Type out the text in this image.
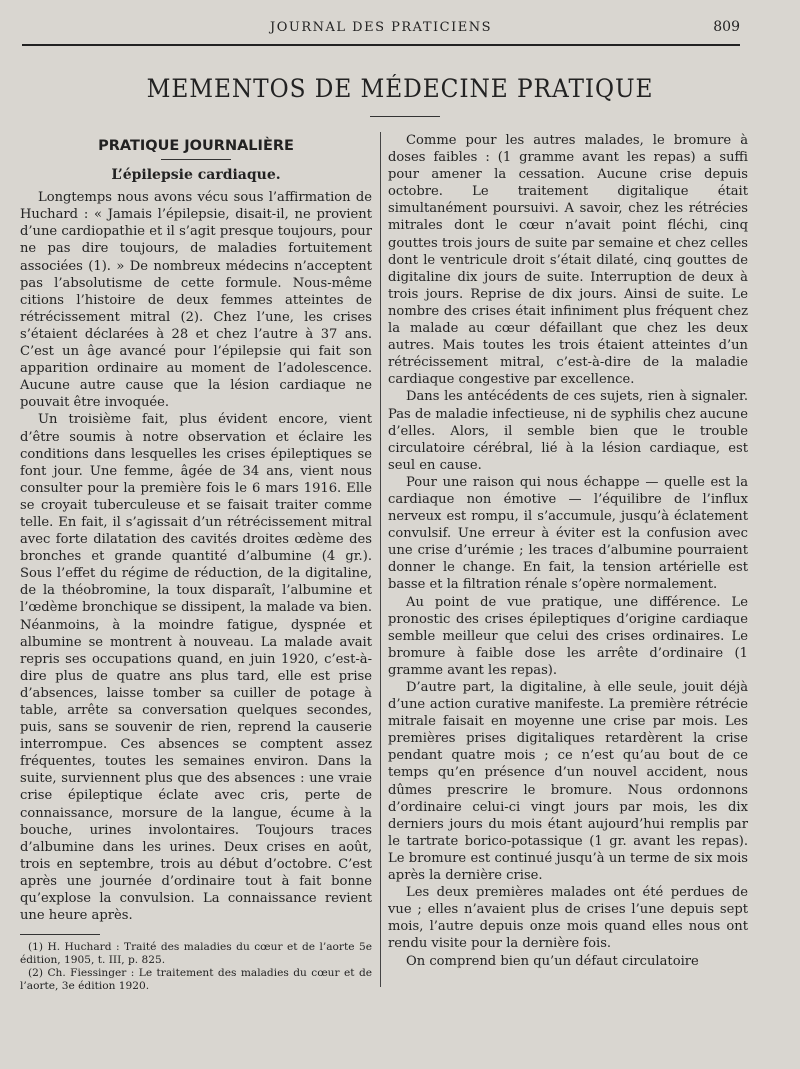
JOURNAL DES PRATICIENS	809
MEMENTOS DE MÉDECINE PRATIQUE
PRATIQUE JOURNALIÈRE
L’épilepsie cardiaque.

Longtemps nous avons vécu sous l’affirmation de Huchard : « Jamais l’épilepsie, disait-il, ne provient d’une cardiopathie et il s’agit presque toujours, pour ne pas dire toujours, de maladies fortuitement associées (1). » De nombreux médecins n’acceptent pas l’absolutisme de cette formule. Nous-même citions l’histoire de deux femmes atteintes de rétrécissement mitral (2). Chez l’une, les crises s’étaient déclarées à 28 et chez l’autre à 37 ans. C’est un âge avancé pour l’épilepsie qui fait son apparition ordinaire au moment de l’adolescence. Aucune autre cause que la lésion cardiaque ne pouvait être invoquée.

Un troisième fait, plus évident encore, vient d’être soumis à notre observation et éclaire les conditions dans lesquelles les crises épileptiques se font jour. Une femme, âgée de 34 ans, vient nous consulter pour la première fois le 6 mars 1916. Elle se croyait tuberculeuse et se faisait traiter comme telle. En fait, il s’agissait d’un rétrécissement mitral avec forte dilatation des cavités droites œdème des bronches et grande quantité d’albumine (4 gr.). Sous l’effet du régime de réduction, de la digitaline, de la théobromine, la toux disparaît, l’albumine et l’œdème bronchique se dissipent, la malade va bien. Néanmoins, à la moindre fatigue, dyspnée et albumine se montrent à nouveau. La malade avait repris ses occupations quand, en juin 1920, c’est-à-dire plus de quatre ans plus tard, elle est prise d’absences, laisse tomber sa cuiller de potage à table, arrête sa conversation quelques secondes, puis, sans se souvenir de rien, reprend la causerie interrompue. Ces absences se comptent assez fréquentes, toutes les semaines environ. Dans la suite, surviennent plus que des absences : une vraie crise épileptique éclate avec cris, perte de connaissance, morsure de la langue, écume à la bouche, urines involontaires. Toujours traces d’albumine dans les urines. Deux crises en août, trois en septembre, trois au début d’octobre. C’est après une journée d’ordinaire tout à fait bonne qu’explose la convulsion. La connaissance revient une heure après.

(1) H. Huchard : Traité des maladies du cœur et de l’aorte 5e édition, 1905, t. III, p. 825.

(2) Ch. Fiessinger : Le traitement des maladies du cœur et de l’aorte, 3e édition 1920.

Comme pour les autres malades, le bromure à doses faibles : (1 gramme avant les repas) a suffi pour amener la cessation. Aucune crise depuis octobre. Le traitement digitalique était simultanément poursuivi. A savoir, chez les rétrécies mitrales dont le cœur n’avait point fléchi, cinq gouttes trois jours de suite par semaine et chez celles dont le ventricule droit s’était dilaté, cinq gouttes de digitaline dix jours de suite. Interruption de deux à trois jours. Reprise de dix jours. Ainsi de suite. Le nombre des crises était infiniment plus fréquent chez la malade au cœur défaillant que chez les deux autres. Mais toutes les trois étaient atteintes d’un rétrécissement mitral, c’est-à-dire de la maladie cardiaque congestive par excellence.

Dans les antécédents de ces sujets, rien à signaler. Pas de maladie infectieuse, ni de syphilis chez aucune d’elles. Alors, il semble bien que le trouble circulatoire cérébral, lié à la lésion cardiaque, est seul en cause.

Pour une raison qui nous échappe — quelle est la cardiaque non émotive — l’équilibre de l’influx nerveux est rompu, il s’accumule, jusqu’à éclatement convulsif. Une erreur à éviter est la confusion avec une crise d’urémie ; les traces d’albumine pourraient donner le change. En fait, la tension artérielle est basse et la filtration rénale s’opère normalement.

Au point de vue pratique, une différence. Le pronostic des crises épileptiques d’origine cardiaque semble meilleur que celui des crises ordinaires. Le bromure à faible dose les arrête d’ordinaire (1 gramme avant les repas).

D’autre part, la digitaline, à elle seule, jouit déjà d’une action curative manifeste. La première rétrécie mitrale faisait en moyenne une crise par mois. Les premières prises digitaliques retardèrent la crise pendant quatre mois ; ce n’est qu’au bout de ce temps qu’en présence d’un nouvel accident, nous dûmes prescrire le bromure. Nous ordonnons d’ordinaire celui-ci vingt jours par mois, les dix derniers jours du mois étant aujourd’hui remplis par le tartrate borico-potassique (1 gr. avant les repas). Le bromure est continué jusqu’à un terme de six mois après la dernière crise.

Les deux premières malades ont été perdues de vue ; elles n’avaient plus de crises l’une depuis sept mois, l’autre depuis onze mois quand elles nous ont rendu visite pour la dernière fois.

On comprend bien qu’un défaut circulatoire
